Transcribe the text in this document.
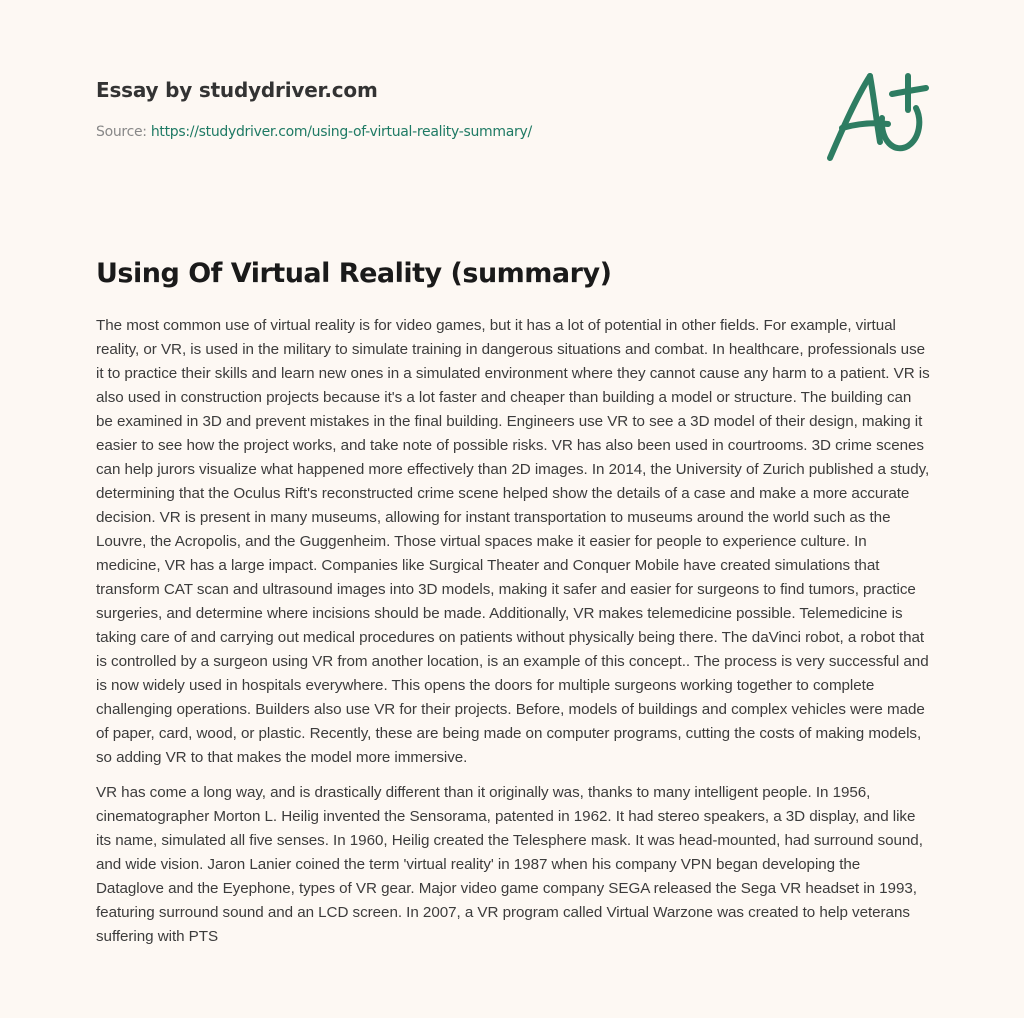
Essay by studydriver.com
Source: https://studydriver.com/using-of-virtual-reality-summary/
Using Of Virtual Reality (summary)

The most common use of virtual reality is for video games, but it has a lot of potential in other fields. For example, virtual reality, or VR, is used in the military to simulate training in dangerous situations and combat. In healthcare, professionals use it to practice their skills and learn new ones in a simulated environment where they cannot cause any harm to a patient. VR is also used in construction projects because it's a lot faster and cheaper than building a model or structure. The building can be examined in 3D and prevent mistakes in the final building. Engineers use VR to see a 3D model of their design, making it easier to see how the project works, and take note of possible risks. VR has also been used in courtrooms. 3D crime scenes can help jurors visualize what happened more effectively than 2D images. In 2014, the University of Zurich published a study, determining that the Oculus Rift's reconstructed crime scene helped show the details of a case and make a more accurate decision. VR is present in many museums, allowing for instant transportation to museums around the world such as the Louvre, the Acropolis, and the Guggenheim. Those virtual spaces make it easier for people to experience culture. In medicine, VR has a large impact. Companies like Surgical Theater and Conquer Mobile have created simulations that transform CAT scan and ultrasound images into 3D models, making it safer and easier for surgeons to find tumors, practice surgeries, and determine where incisions should be made. Additionally, VR makes telemedicine possible. Telemedicine is taking care of and carrying out medical procedures on patients without physically being there. The daVinci robot, a robot that is controlled by a surgeon using VR from another location, is an example of this concept.. The process is very successful and is now widely used in hospitals everywhere. This opens the doors for multiple surgeons working together to complete challenging operations. Builders also use VR for their projects. Before, models of buildings and complex vehicles were made of paper, card, wood, or plastic. Recently, these are being made on computer programs, cutting the costs of making models, so adding VR to that makes the model more immersive.

VR has come a long way, and is drastically different than it originally was, thanks to many intelligent people. In 1956, cinematographer Morton L. Heilig invented the Sensorama, patented in 1962. It had stereo speakers, a 3D display, and like its name, simulated all five senses. In 1960, Heilig created the Telesphere mask. It was head-mounted, had surround sound, and wide vision. Jaron Lanier coined the term 'virtual reality' in 1987 when his company VPN began developing the Dataglove and the Eyephone, types of VR gear. Major video game company SEGA released the Sega VR headset in 1993, featuring surround sound and an LCD screen. In 2007, a VR program called Virtual Warzone was created to help veterans suffering with PTS
